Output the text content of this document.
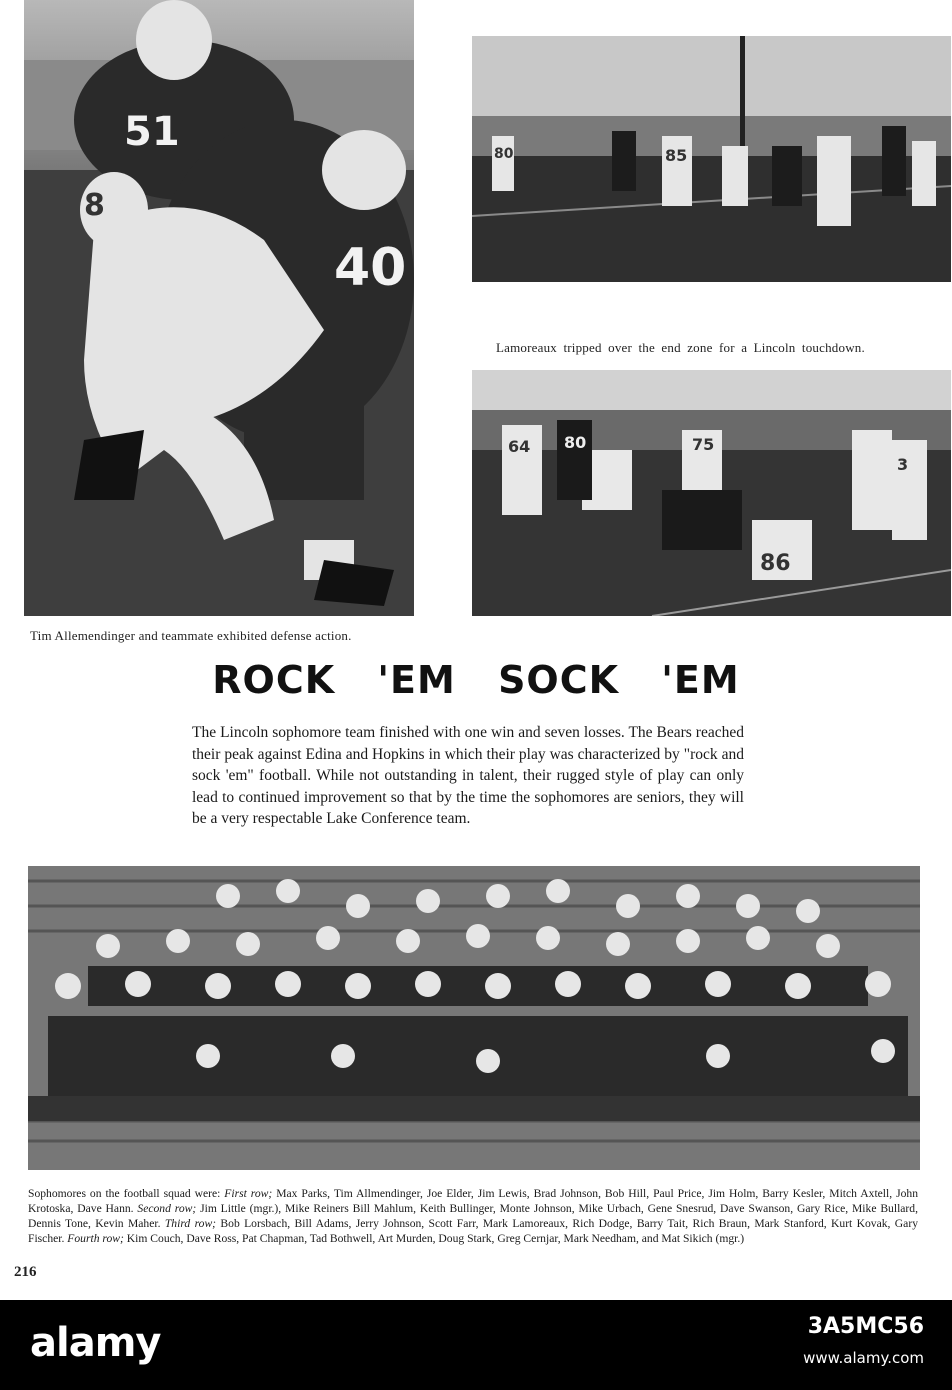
51
40
8
80	85
Lamoreaux tripped over the end zone for a Lincoln touchdown.
64 80	75
86
3
Tim Allemendinger and teammate exhibited defense action.
ROCK 'EM SOCK 'EM
The Lincoln sophomore team finished with one win and seven losses. The Bears reached their peak against Edina and Hopkins in which their play was characterized by "rock and sock 'em" football. While not outstanding in talent, their rugged style of play can only lead to continued improvement so that by the time the sophomores are seniors, they will be a very respectable Lake Conference team.
Sophomores on the football squad were: First row; Max Parks, Tim Allmendinger, Joe Elder, Jim Lewis, Brad Johnson, Bob Hill, Paul Price, Jim Holm, Barry Kesler, Mitch Axtell, John Krotoska, Dave Hann. Second row; Jim Little (mgr.), Mike Reiners Bill Mahlum, Keith Bullinger, Monte Johnson, Mike Urbach, Gene Snesrud, Dave Swanson, Gary Rice, Mike Bullard, Dennis Tone, Kevin Maher. Third row; Bob Lorsbach, Bill Adams, Jerry Johnson, Scott Farr, Mark Lamoreaux, Rich Dodge, Barry Tait, Rich Braun, Mark Stanford, Kurt Kovak, Gary Fischer. Fourth row; Kim Couch, Dave Ross, Pat Chapman, Tad Bothwell, Art Murden, Doug Stark, Greg Cernjar, Mark Needham, and Mat Sikich (mgr.)
216
alamy	3A5MC56
www.alamy.com
